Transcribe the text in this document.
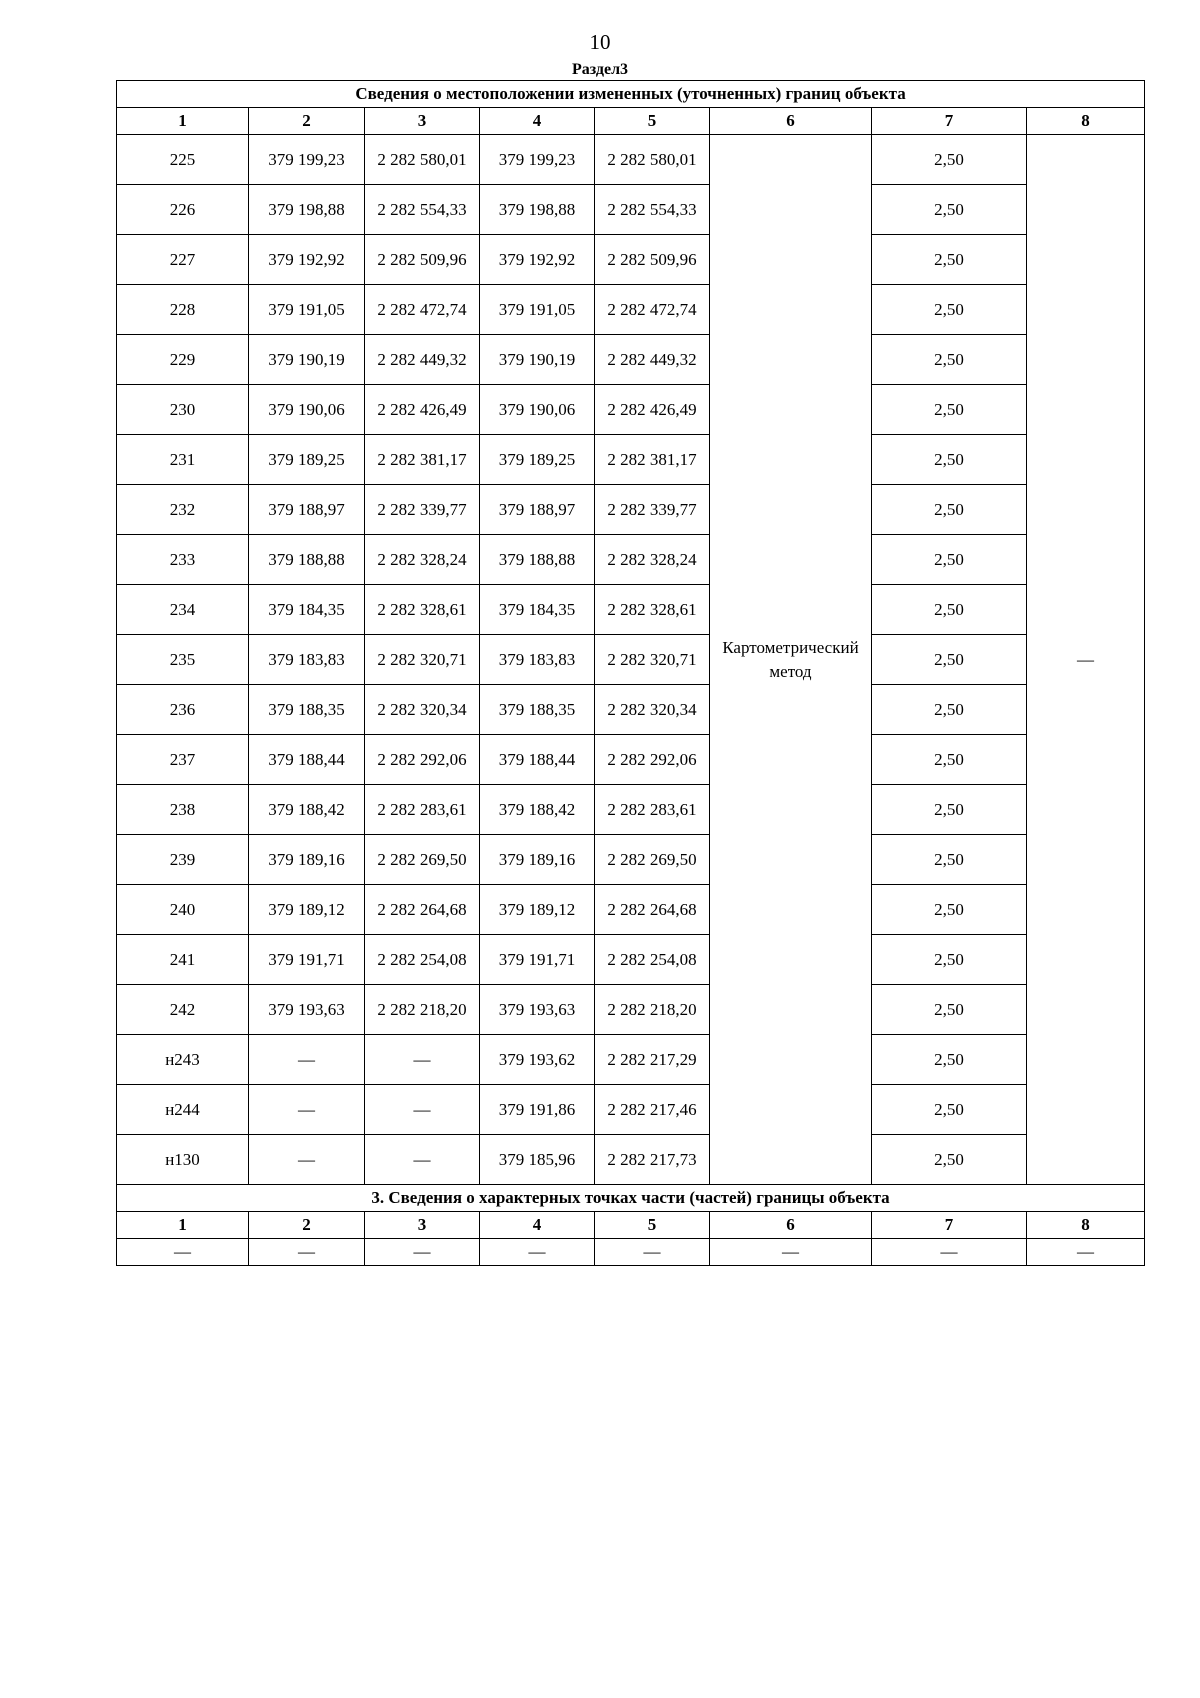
10
Раздел3
Сведения о местоположении измененных (уточненных) границ объекта							
1	2	3	4	5	6	7	8
225	379 199,23	2 282 580,01	379 199,23	2 282 580,01	Картометрический метод	2,50	—
226	379 198,88	2 282 554,33	379 198,88	2 282 554,33		2,50	
227	379 192,92	2 282 509,96	379 192,92	2 282 509,96		2,50	
228	379 191,05	2 282 472,74	379 191,05	2 282 472,74		2,50	
229	379 190,19	2 282 449,32	379 190,19	2 282 449,32		2,50	
230	379 190,06	2 282 426,49	379 190,06	2 282 426,49		2,50	
231	379 189,25	2 282 381,17	379 189,25	2 282 381,17		2,50	
232	379 188,97	2 282 339,77	379 188,97	2 282 339,77		2,50	
233	379 188,88	2 282 328,24	379 188,88	2 282 328,24		2,50	
234	379 184,35	2 282 328,61	379 184,35	2 282 328,61		2,50	
235	379 183,83	2 282 320,71	379 183,83	2 282 320,71		2,50	
236	379 188,35	2 282 320,34	379 188,35	2 282 320,34		2,50	
237	379 188,44	2 282 292,06	379 188,44	2 282 292,06		2,50	
238	379 188,42	2 282 283,61	379 188,42	2 282 283,61		2,50	
239	379 189,16	2 282 269,50	379 189,16	2 282 269,50		2,50	
240	379 189,12	2 282 264,68	379 189,12	2 282 264,68		2,50	
241	379 191,71	2 282 254,08	379 191,71	2 282 254,08		2,50	
242	379 193,63	2 282 218,20	379 193,63	2 282 218,20		2,50	
н243	—	—	379 193,62	2 282 217,29		2,50	
н244	—	—	379 191,86	2 282 217,46		2,50	
н130	—	—	379 185,96	2 282 217,73		2,50	
3. Сведения о характерных точках части (частей) границы объекта							
1	2	3	4	5	6	7	8
—	—	—	—	—	—	—	—
